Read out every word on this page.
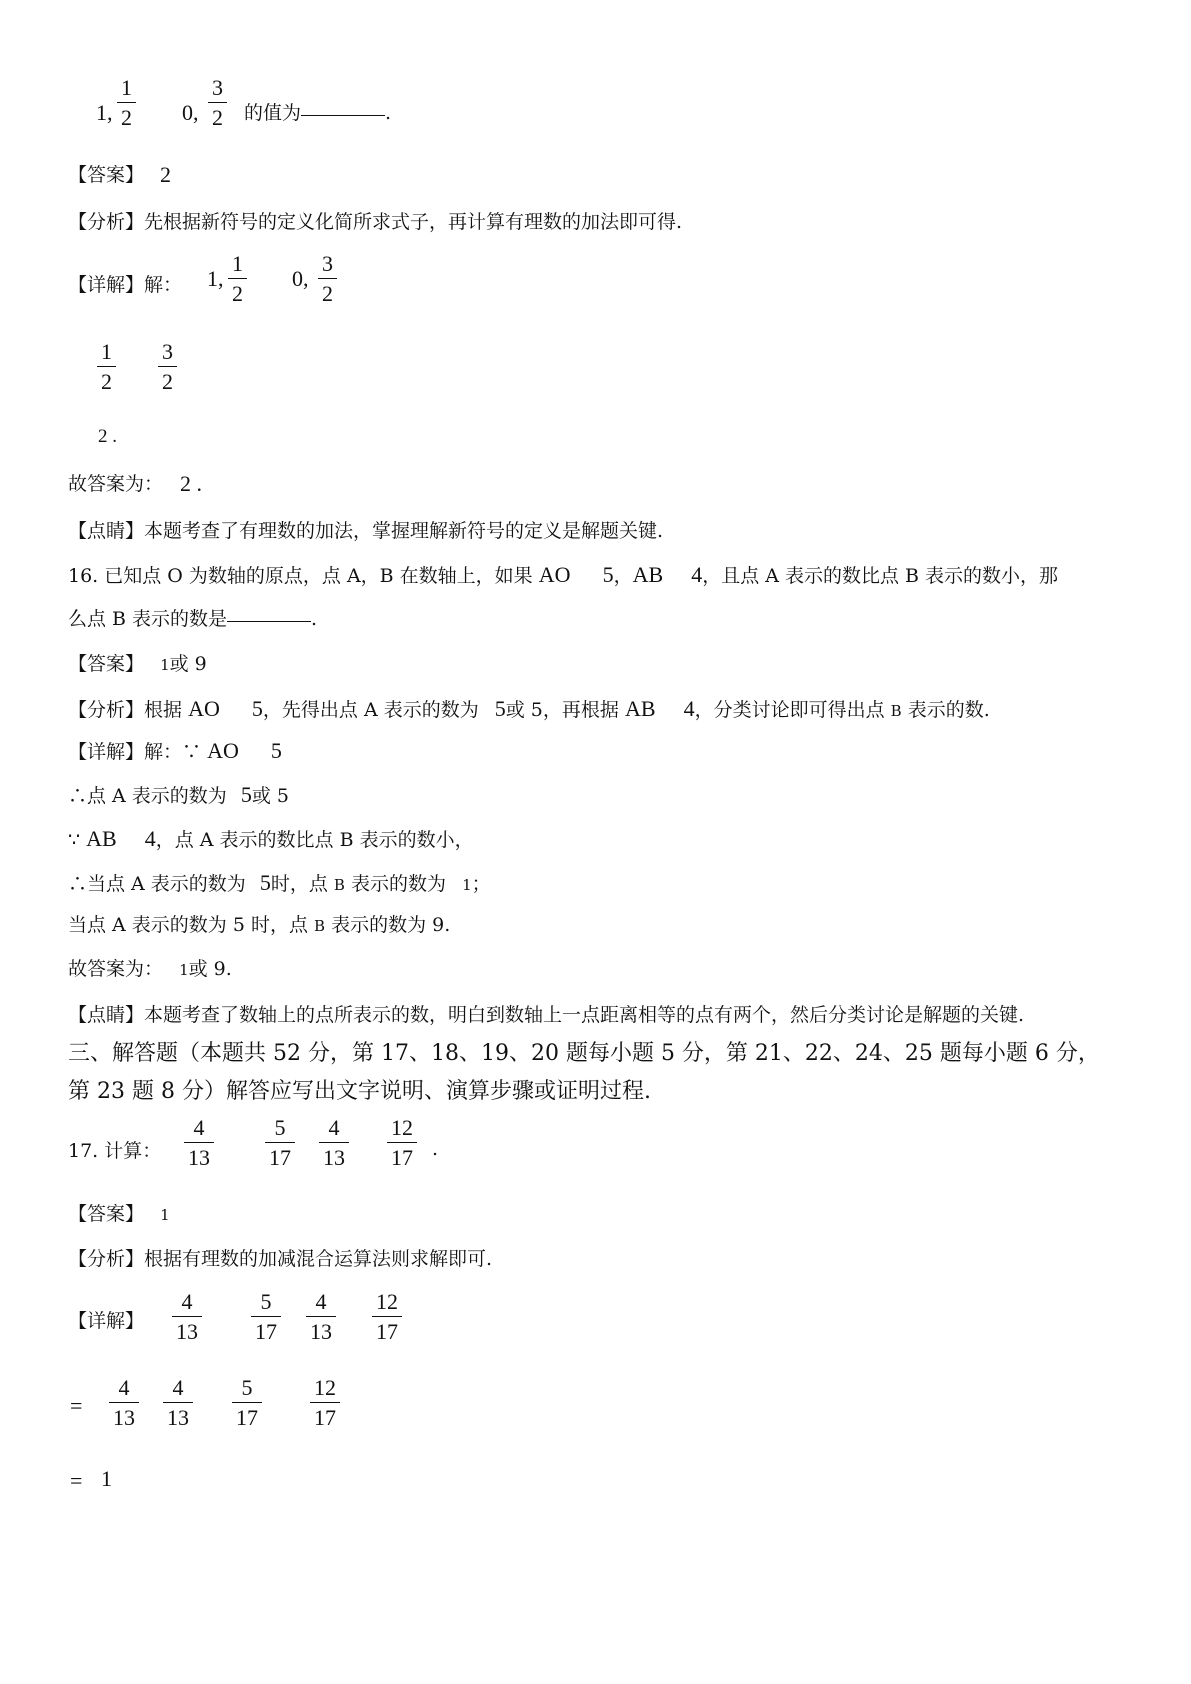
1, $\frac{1}{2} 0$, $\frac{3}{2}$ 的值为	.
【答案】 2
【分析】先根据新符号的定义化简所求式子，再计算有理数的加法即可得.
【详解】解： 1, $\frac{1}{2} 0$, $\frac{3}{2}$
$\frac{1}{2} \frac{3}{2}$
2 .
故答案为： 2 .
【点睛】本题考查了有理数的加法，掌握理解新符号的定义是解题关键.
16. 已知点 O 为数轴的原点，点 A，B 在数轴上，如果 AO 5，AB 4，且点 A 表示的数比点 B 表示的数小，那
么点 B 表示的数是	.
【答案】 1或 9
【分析】根据 AO 5，先得出点 A 表示的数为 5或 5，再根据 AB 4，分类讨论即可得出点 B 表示的数.
【详解】解：∵ AO 5
∴点 A 表示的数为 5或 5
∵ AB 4，点 A 表示的数比点 B 表示的数小，
∴当点 A 表示的数为 5时，点 B 表示的数为 1；
当点 A 表示的数为 5 时，点 B 表示的数为 9.
故答案为： 1或 9.
【点睛】本题考查了数轴上的点所表示的数，明白到数轴上一点距离相等的点有两个，然后分类讨论是解题的关键.
三、解答题（本题共 52 分，第 17、18、19、20 题每小题 5 分，第 21、22、24、25 题每小题 6 分，
第 23 题 8 分）解答应写出文字说明、演算步骤或证明过程.
17. 计算： $\frac{4}{13} \frac{5}{17} \frac{4}{13} \frac{12}{17}$ .
【答案】 1
【分析】根据有理数的加减混合运算法则求解即可.
【详解】 $\frac{4}{13} \frac{5}{17} \frac{4}{13} \frac{12}{17}$
= $\frac{4}{13} \frac{4}{13} \frac{5}{17} \frac{12}{17}$
= 1
